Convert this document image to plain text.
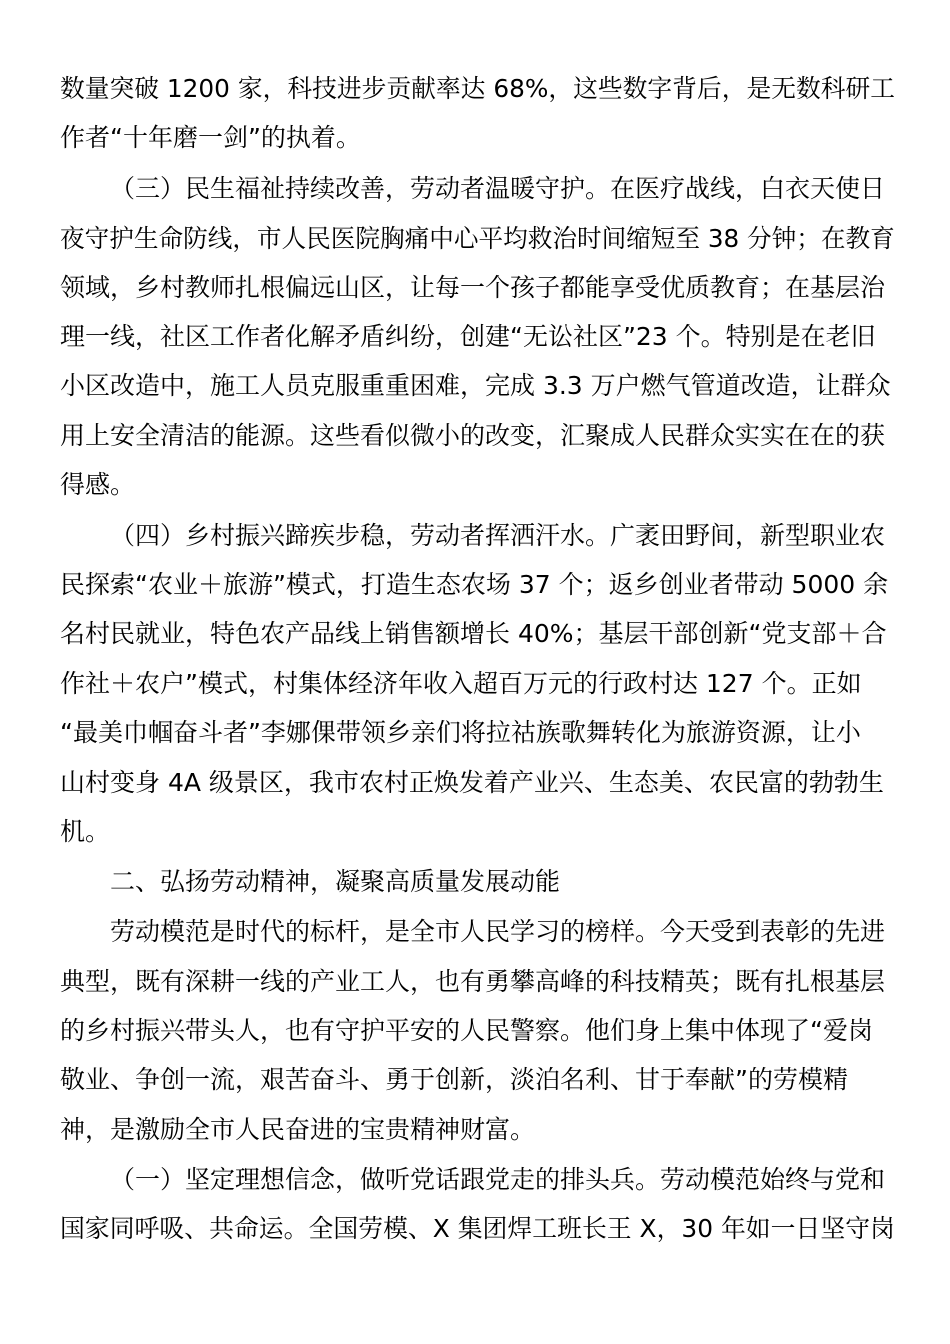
数量突破 1200 家，科技进步贡献率达 68%，这些数字背后，是无数科研工
作者“十年磨一剑”的执着。
（三）民生福祉持续改善，劳动者温暖守护。在医疗战线，白衣天使日
夜守护生命防线，市人民医院胸痛中心平均救治时间缩短至 38 分钟；在教育
领域，乡村教师扎根偏远山区，让每一个孩子都能享受优质教育；在基层治
理一线，社区工作者化解矛盾纠纷，创建“无讼社区”23 个。特别是在老旧
小区改造中，施工人员克服重重困难，完成 3.3 万户燃气管道改造，让群众
用上安全清洁的能源。这些看似微小的改变，汇聚成人民群众实实在在的获
得感。
（四）乡村振兴蹄疾步稳，劳动者挥洒汗水。广袤田野间，新型职业农
民探索“农业＋旅游”模式，打造生态农场 37 个；返乡创业者带动 5000 余
名村民就业，特色农产品线上销售额增长 40%；基层干部创新“党支部＋合
作社＋农户”模式，村集体经济年收入超百万元的行政村达 127 个。正如
“最美巾帼奋斗者”李娜倮带领乡亲们将拉祜族歌舞转化为旅游资源，让小
山村变身 4A 级景区，我市农村正焕发着产业兴、生态美、农民富的勃勃生
机。
二、弘扬劳动精神，凝聚高质量发展动能
劳动模范是时代的标杆，是全市人民学习的榜样。今天受到表彰的先进
典型，既有深耕一线的产业工人，也有勇攀高峰的科技精英；既有扎根基层
的乡村振兴带头人，也有守护平安的人民警察。他们身上集中体现了“爱岗
敬业、争创一流，艰苦奋斗、勇于创新，淡泊名利、甘于奉献”的劳模精
神，是激励全市人民奋进的宝贵精神财富。
（一）坚定理想信念，做听党话跟党走的排头兵。劳动模范始终与党和
国家同呼吸、共命运。全国劳模、X 集团焊工班长王 X，30 年如一日坚守岗
